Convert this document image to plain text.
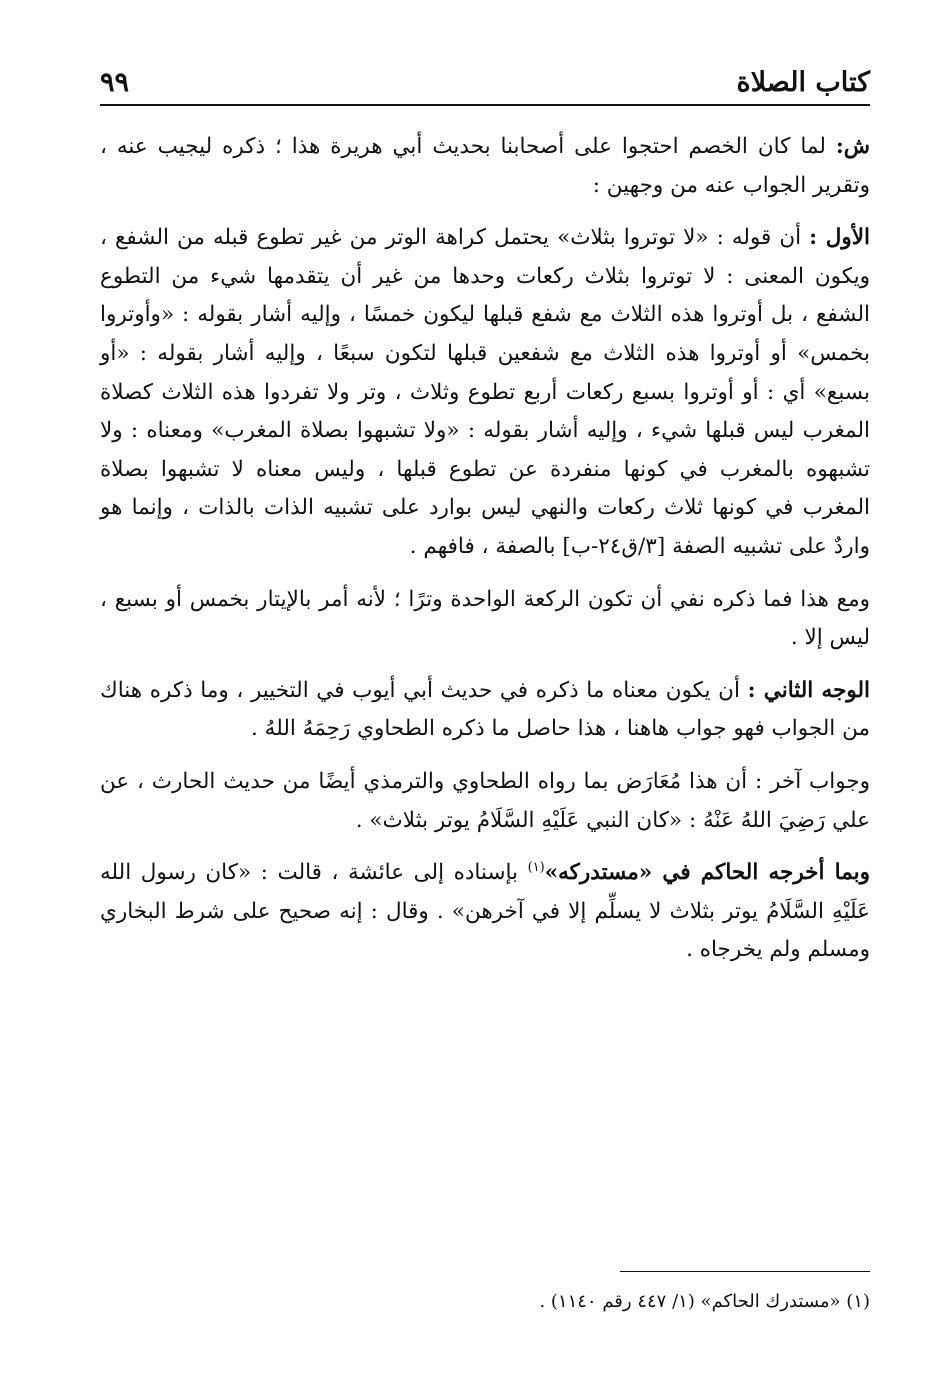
كتاب الصلاة
٩٩

ش: لما كان الخصم احتجوا على أصحابنا بحديث أبي هريرة هذا ؛ ذكره ليجيب عنه ، وتقرير الجواب عنه من وجهين :

الأول : أن قوله : «لا توتروا بثلاث» يحتمل كراهة الوتر من غير تطوع قبله من الشفع ، ويكون المعنى : لا توتروا بثلاث ركعات وحدها من غير أن يتقدمها شيء من التطوع الشفع ، بل أوتروا هذه الثلاث مع شفع قبلها ليكون خمسًا ، وإليه أشار بقوله : «وأوتروا بخمس» أو أوتروا هذه الثلاث مع شفعين قبلها لتكون سبعًا ، وإليه أشار بقوله : «أو بسبع» أي : أو أوتروا بسبع ركعات أربع تطوع وثلاث ، وتر ولا تفردوا هذه الثلاث كصلاة المغرب ليس قبلها شيء ، وإليه أشار بقوله : «ولا تشبهوا بصلاة المغرب» ومعناه : ولا تشبهوه بالمغرب في كونها منفردة عن تطوع قبلها ، وليس معناه لا تشبهوا بصلاة المغرب في كونها ثلاث ركعات والنهي ليس بوارد على تشبيه الذات بالذات ، وإنما هو واردٌ على تشبيه الصفة [٣/ق٢٤-ب] بالصفة ، فافهم .

ومع هذا فما ذكره نفي أن تكون الركعة الواحدة وترًا ؛ لأنه أمر بالإيتار بخمس أو بسبع ، ليس إلا .

الوجه الثاني : أن يكون معناه ما ذكره في حديث أبي أيوب في التخيير ، وما ذكره هناك من الجواب فهو جواب هاهنا ، هذا حاصل ما ذكره الطحاوي رَحِمَهُ اللهُ .

وجواب آخر : أن هذا مُعَارَض بما رواه الطحاوي والترمذي أيضًا من حديث الحارث ، عن علي رَضِيَ اللهُ عَنْهُ : «كان النبي عَلَيْهِ السَّلَامُ يوتر بثلاث» .

وبما أخرجه الحاكم في «مستدركه»$^{(١)}$ بإسناده إلى عائشة ، قالت : «كان رسول الله عَلَيْهِ السَّلَامُ يوتر بثلاث لا يسلِّم إلا في آخرهن» . وقال : إنه صحيح على شرط البخاري ومسلم ولم يخرجاه .

(١) «مستدرك الحاكم» (١/ ٤٤٧ رقم ١١٤٠) .
